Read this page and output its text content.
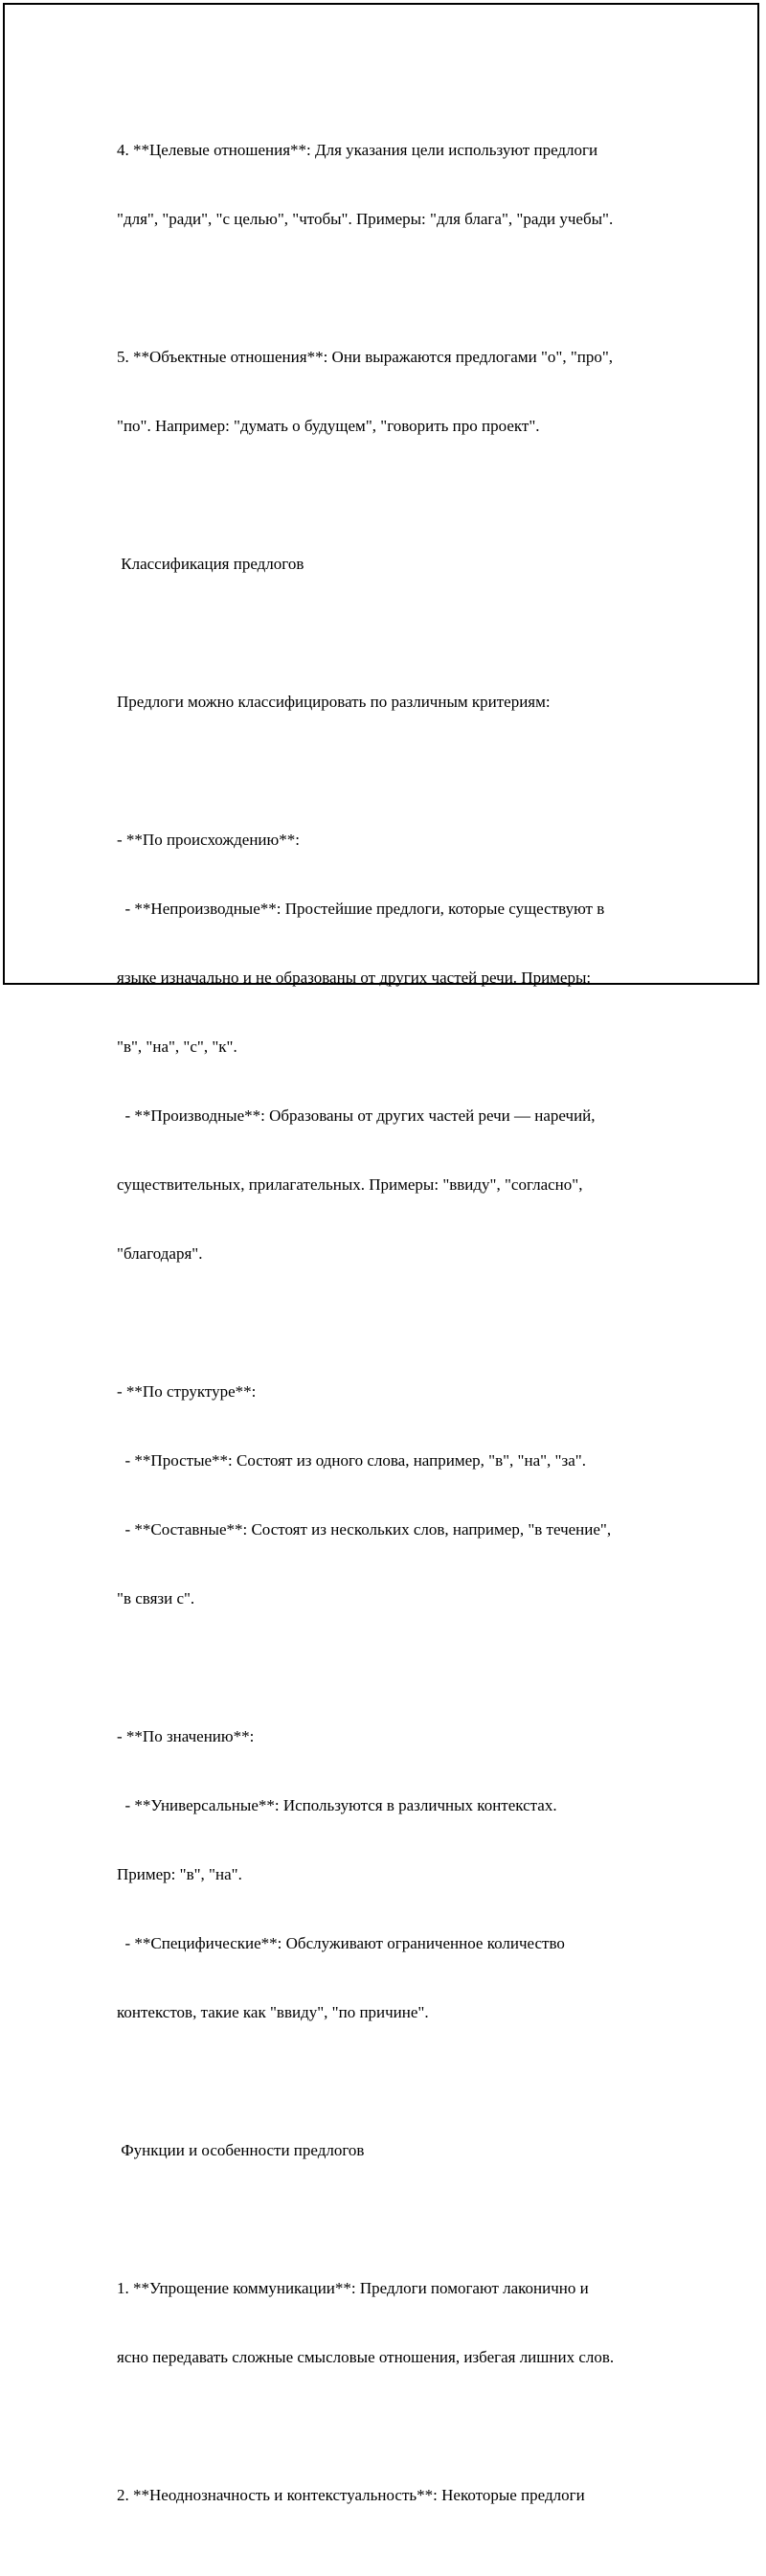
4. **Целевые отношения**: Для указания цели используют предлоги

"для", "ради", "с целью", "чтобы". Примеры: "для блага", "ради учебы".

5. **Объектные отношения**: Они выражаются предлогами "о", "про",

"по". Например: "думать о будущем", "говорить про проект".

Классификация предлогов

Предлоги можно классифицировать по различным критериям:

- **По происхождению**:

- **Непроизводные**: Простейшие предлоги, которые существуют в

языке изначально и не образованы от других частей речи. Примеры:

"в", "на", "с", "к".

- **Производные**: Образованы от других частей речи — наречий,

существительных, прилагательных. Примеры: "ввиду", "согласно",

"благодаря".

- **По структуре**:

- **Простые**: Состоят из одного слова, например, "в", "на", "за".

- **Составные**: Состоят из нескольких слов, например, "в течение",

"в связи с".

- **По значению**:

- **Универсальные**: Используются в различных контекстах.

Пример: "в", "на".

- **Специфические**: Обслуживают ограниченное количество

контекстов, такие как "ввиду", "по причине".

Функции и особенности предлогов

1. **Упрощение коммуникации**: Предлоги помогают лаконично и

ясно передавать сложные смысловые отношения, избегая лишних слов.

2. **Неоднозначность и контекстуальность**: Некоторые предлоги
